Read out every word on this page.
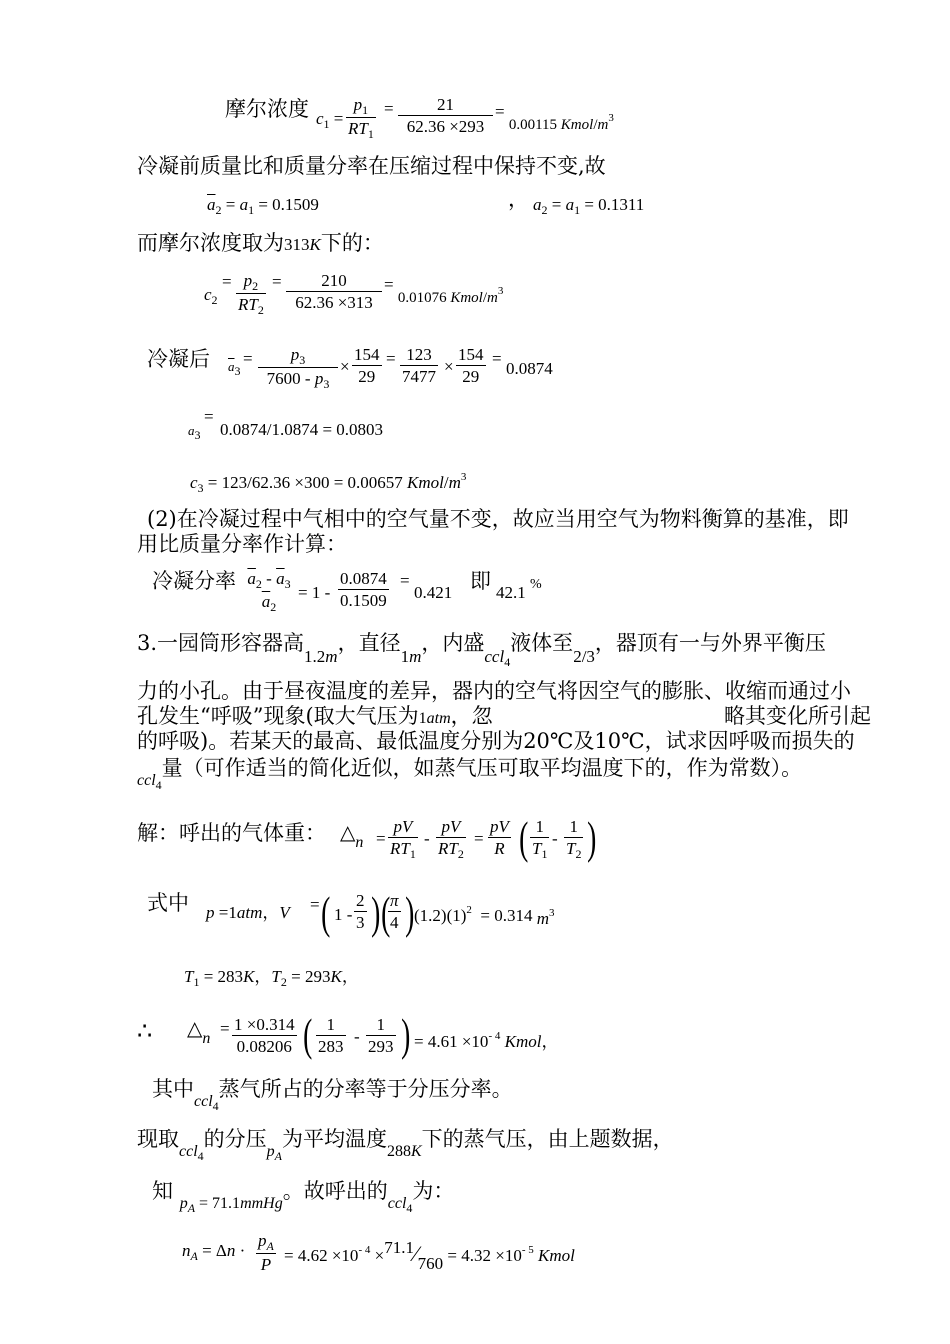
摩尔浓度 $c_1 = \frac{p_1}{RT_1} = \frac{21}{62.36 \times 293} = 0.00115$ Kmol/$m^3$
冷凝前质量比和质量分率在压缩过程中保持不变,故
$\overline{a}_2 = a_1 = 0.1509$	， $a_2 = a_1 = 0.1311$
而摩尔浓度取为313K下的：
$c_2$
= $\frac{p_2}{RT_2} = \frac{210}{62.36 \times 313} = 0.01076$ Kmol/$m^3$
冷凝后 $\overline{a}3$
= $\frac{p_3}{7600 - p_3} \times \frac{154}{29} = \frac{123}{7477} \times \frac{154}{29}$ =
0.0874
a3
=
0.0874/1.0874 = 0.0803
$c_3 = 123/62.36 \times 300 = 0.00657$ Kmol/$m^3$
(2)在冷凝过程中气相中的空气量不变，故应当用空气为物料衡算的基准，即
用比质量分率作计算：
冷凝分率 $\overline{a}_2 - \overline{a}_3$
$\overline{a}_2$
= $1 - \frac{0.0874}{0.1509}$ =
0.421 即 42.1 %
3.一园筒形容器高$_{1.2m}$，直径$_{1m}$，内盛$_{ccl_4}$液体至$_{2/3}$，器顶有一与外界平衡压
力的小孔。由于昼夜温度的差异，器内的空气将因空气的膨胀、收缩而通过小
孔发生“呼吸”现象(取大气压为1atm，忽	略其变化所引起
的呼吸)。若某天的最高、最低温度分别为20℃及10℃，试求因呼吸而损失的
$_{ccl_4}$量（可作适当的简化近似，如蒸气压可取平均温度下的，作为常数）。
解：呼出的气体重： $\triangle_n = \frac{pV}{RT_1} - \frac{pV}{RT_2} = \frac{pV}{R}$ ( $\frac{1}{T_1} - \frac{1}{T_2}$ )
式中 p =1atm，V = ( $1 - \frac{2}{3}$ ) (
$\frac{\pi}{4}$ ) $(1.2)(1)^2 = 0.314$ $m^3$
$T_1 = 283K$，$T_2 = 293K$，
∴ $\triangle_n$
= $\frac{1 \times 0.314}{0.08206}$ ( $\frac{1}{283} - \frac{1}{293}$ ) = $4.61 \times 10^{- 4}$ Kmol，
其中$_{ccl_4}$蒸气所占的分率等于分压分率。
现取$_{ccl_4}$的分压$_{p_A}$为平均温度$_{288K}$下的蒸气压，由上题数据，
知 $_{p_A = 71.1mmHg}$。故呼出的$_{ccl_4}$为：
$n_A = \Delta n \cdot \frac{p_A}{P} = 4.62 \times 10^{- 4}$ ×71.1⁄760 = $4.32 \times 10^{- 5}$ Kmol
